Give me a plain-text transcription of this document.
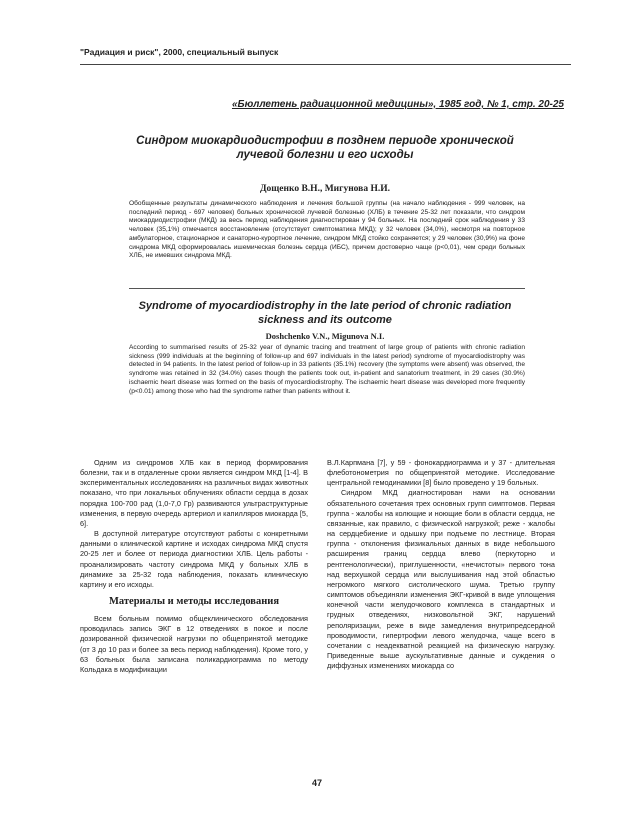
"Радиация и риск", 2000, специальный выпуск
«Бюллетень радиационной медицины», 1985 год, № 1, стр. 20-25
Синдром миокардиодистрофии в позднем периоде хронической лучевой болезни и его исходы
Дощенко В.Н., Мигунова Н.И.

Обобщенные результаты динамического наблюдения и лечения большой группы (на начало наблюдения - 999 человек, на последний период - 697 человек) больных хронической лучевой болезнью (ХЛБ) в течение 25-32 лет показали, что синдром миокардиодистрофии (МКД) за весь период наблюдения диагностирован у 94 больных. На последний срок наблюдения у 33 человек (35,1%) отмечается восстановление (отсутствует симптоматика МКД); у 32 человек (34,0%), несмотря на повторное амбулаторное, стационарное и санаторно-курортное лечение, синдром МКД стойко сохраняется; у 29 человек (30,9%) на фоне синдрома МКД сформировалась ишемическая болезнь сердца (ИБС), причем достоверно чаще (p<0,01), чем среди больных ХЛБ, не имевших синдрома МКД.

Syndrome of myocardiodistrophy in the late period of chronic radiation sickness and its outcome
Doshchenko V.N., Migunova N.I.

According to summarised results of 25-32 year of dynamic tracing and treatment of large group of patients with chronic radiation sickness (999 individuals at the beginning of follow-up and 697 individuals in the latest period) syndrome of myocardiodistrophy was detected in 94 patients. In the latest period of follow-up in 33 patients (35.1%) recovery (the symptoms were absent) was observed, the syndrome was retained in 32 (34.0%) cases though the patients took out, in-patient and sanatorium treatment, in 29 cases (30.9%) ischaemic heart disease was formed on the basis of myocardiodistrophy. The ischaemic heart disease was developed more frequently (p<0.01) among those who had the syndrome rather than patients without it.

Одним из синдромов ХЛБ как в период формирования болезни, так и в отдаленные сроки является синдром МКД [1-4]. В экспериментальных исследованиях на различных видах животных показано, что при локальных облучениях области сердца в дозах порядка 100-700 рад (1,0-7,0 Гр) развиваются ультраструктурные изменения, в первую очередь артериол и капилляров миокарда [5, 6].

В доступной литературе отсутствуют работы с конкретными данными о клинической картине и исходах синдрома МКД спустя 20-25 лет и более от периода диагностики ХЛБ. Цель работы - проанализировать частоту синдрома МКД у больных ХЛБ в динамике за 25-32 года наблюдения, показать клиническую картину и его исходы.

Материалы и методы исследования

Всем больным помимо общеклинического обследования проводилась запись ЭКГ в 12 отведениях в покое и после дозированной физической нагрузки по общепринятой методике (от 3 до 10 раз и более за весь период наблюдения). Кроме того, у 63 больных была записана поликардиограмма по методу Кольдака в модификации

В.Л.Карпмана [7], у 59 - фонокардиограмма и у 37 - длительная флеботонометрия по общепринятой методике. Исследование центральной гемодинамики [8] было проведено у 19 больных.

Синдром МКД диагностирован нами на основании обязательного сочетания трех основных групп симптомов. Первая группа - жалобы на колющие и ноющие боли в области сердца, не связанные, как правило, с физической нагрузкой; реже - жалобы на сердцебиение и одышку при подъеме по лестнице. Вторая группа - отклонения физикальных данных в виде небольшого расширения границ сердца влево (перкуторно и рентгенологически), приглушенности, «нечистоты» первого тона над верхушкой сердца или выслушивания над этой областью негромкого мягкого систолического шума. Третью группу симптомов объединяли изменения ЭКГ-кривой в виде уплощения конечной части желудочкового комплекса в стандартных и грудных отведениях, низковольтной ЭКГ, нарушений реполяризации, реже в виде замедления внутрипредсердной проводимости, гипертрофии левого желудочка, чаще всего в сочетании с неадекватной реакцией на физическую нагрузку. Приведенные выше аускультативные данные и суждения о диффузных изменениях миокарда со

47
